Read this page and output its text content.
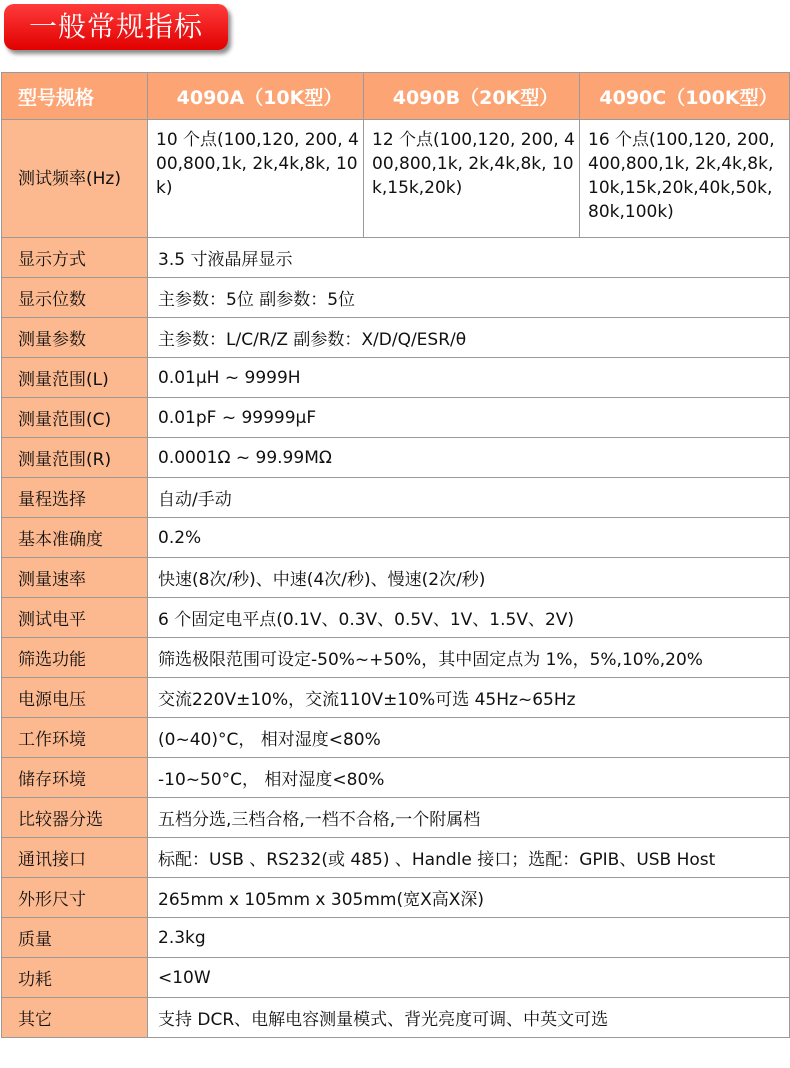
一般常规指标
型号规格	4090A（10K型）	4090B（20K型）	4090C（100K型）
测试频率(Hz)	10 个点(100,120, 200, 400,800,1k, 2k,4k,8k, 10k)	12 个点(100,120, 200, 400,800,1k, 2k,4k,8k, 10k,15k,20k)	16 个点(100,120, 200, 400,800,1k, 2k,4k,8k, 10k,15k,20k,40k,50k, 80k,100k)
显示方式	3.5 寸液晶屏显示		
显示位数	主参数：5位 副参数：5位		
测量参数	主参数：L/C/R/Z 副参数：X/D/Q/ESR/θ		
测量范围(L)	0.01μH ~ 9999H		
测量范围(C)	0.01pF ~ 99999μF		
测量范围(R)	0.0001Ω ~ 99.99MΩ		
量程选择	自动/手动		
基本准确度	0.2%		
测量速率	快速(8次/秒)、中速(4次/秒)、慢速(2次/秒)		
测试电平	6 个固定电平点(0.1V、0.3V、0.5V、1V、1.5V、2V)		
筛选功能	筛选极限范围可设定-50%~+50%，其中固定点为 1%，5%,10%,20%		
电源电压	交流220V±10%，交流110V±10%可选 45Hz~65Hz		
工作环境	(0~40)°C， 相对湿度<80%		
储存环境	-10~50°C， 相对湿度<80%		
比较器分选	五档分选,三档合格,一档不合格,一个附属档		
通讯接口	标配：USB 、RS232(或 485) 、Handle 接口；选配：GPIB、USB Host		
外形尺寸	265mm x 105mm x 305mm(宽X高X深)		
质量	2.3kg		
功耗	<10W		
其它	支持 DCR、电解电容测量模式、背光亮度可调、中英文可选		
